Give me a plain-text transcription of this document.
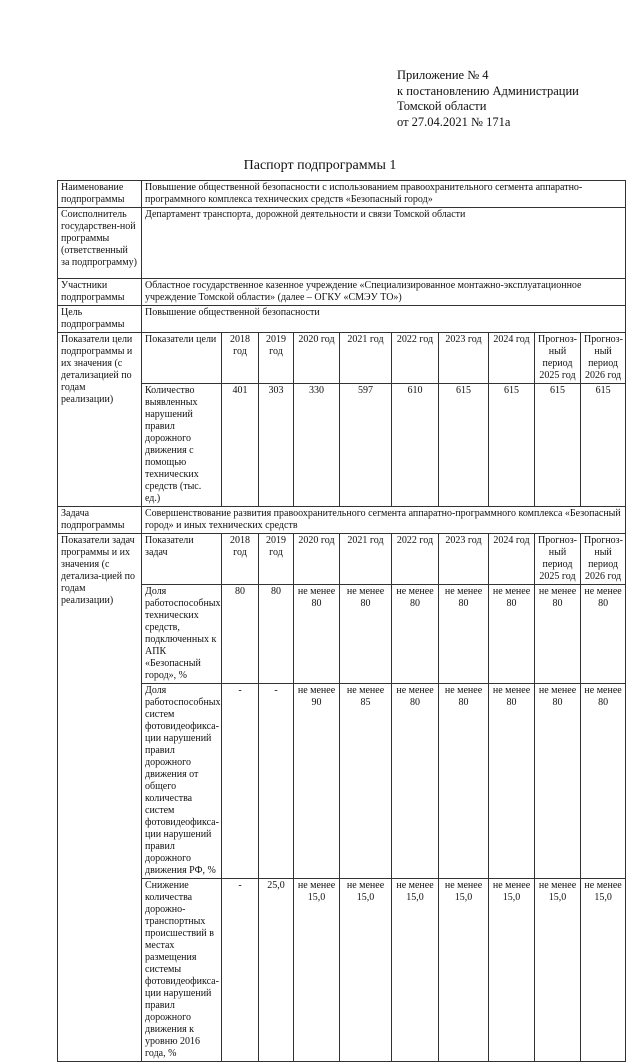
Приложение № 4
к постановлению Администрации
Томской области
от 27.04.2021 № 171а
Паспорт подпрограммы 1
Наименование подпрограммы	Повышение общественной безопасности с использованием правоохранительного сегмента аппаратно-программного комплекса технических средств «Безопасный город»									
Соисполнитель государствен-ной программы (ответственный за подпрограмму)	Департамент транспорта, дорожной деятельности и связи Томской области									
Участники подпрограммы	Областное государственное казенное учреждение «Специализированное монтажно-эксплуатационное учреждение Томской области» (далее – ОГКУ «СМЭУ ТО»)									
Цель подпрограммы	Повышение общественной безопасности									
Показатели цели подпрограммы и их значения (с детализацией по годам реализации)	Показатели цели	2018 год	2019 год	2020 год	2021 год	2022 год	2023 год	2024 год	Прогноз-ный период 2025 год	Прогноз-ный период 2026 год
	Количество выявленных нарушений правил дорожного движения с помощью технических средств (тыс. ед.)	401	303	330	597	610	615	615	615	615
Задача подпрограммы	Совершенствование развития правоохранительного сегмента аппаратно-программного комплекса «Безопасный город» и иных технических средств									
Показатели задач программы и их значения (с детализа-цией по годам реализации)	Показатели задач	2018 год	2019 год	2020 год	2021 год	2022 год	2023 год	2024 год	Прогноз-ный период 2025 год	Прогноз-ный период 2026 год
	Доля работоспособных технических средств, подключенных к АПК «Безопасный город», %	80	80	не менее 80	не менее 80	не менее 80	не менее 80	не менее 80	не менее 80	не менее 80
	Доля работоспособных систем фотовидеофикса-ции нарушений правил дорожного движения от общего количества систем фотовидеофикса-ции нарушений правил дорожного движения РФ, %	-	-	не менее 90	не менее 85	не менее 80	не менее 80	не менее 80	не менее 80	не менее 80
	Снижение количества дорожно-транспортных происшествий в местах размещения системы фотовидеофикса-ции нарушений правил дорожного движения к уровню 2016 года, %	-	25,0	не менее 15,0	не менее 15,0	не менее 15,0	не менее 15,0	не менее 15,0	не менее 15,0	не менее 15,0
